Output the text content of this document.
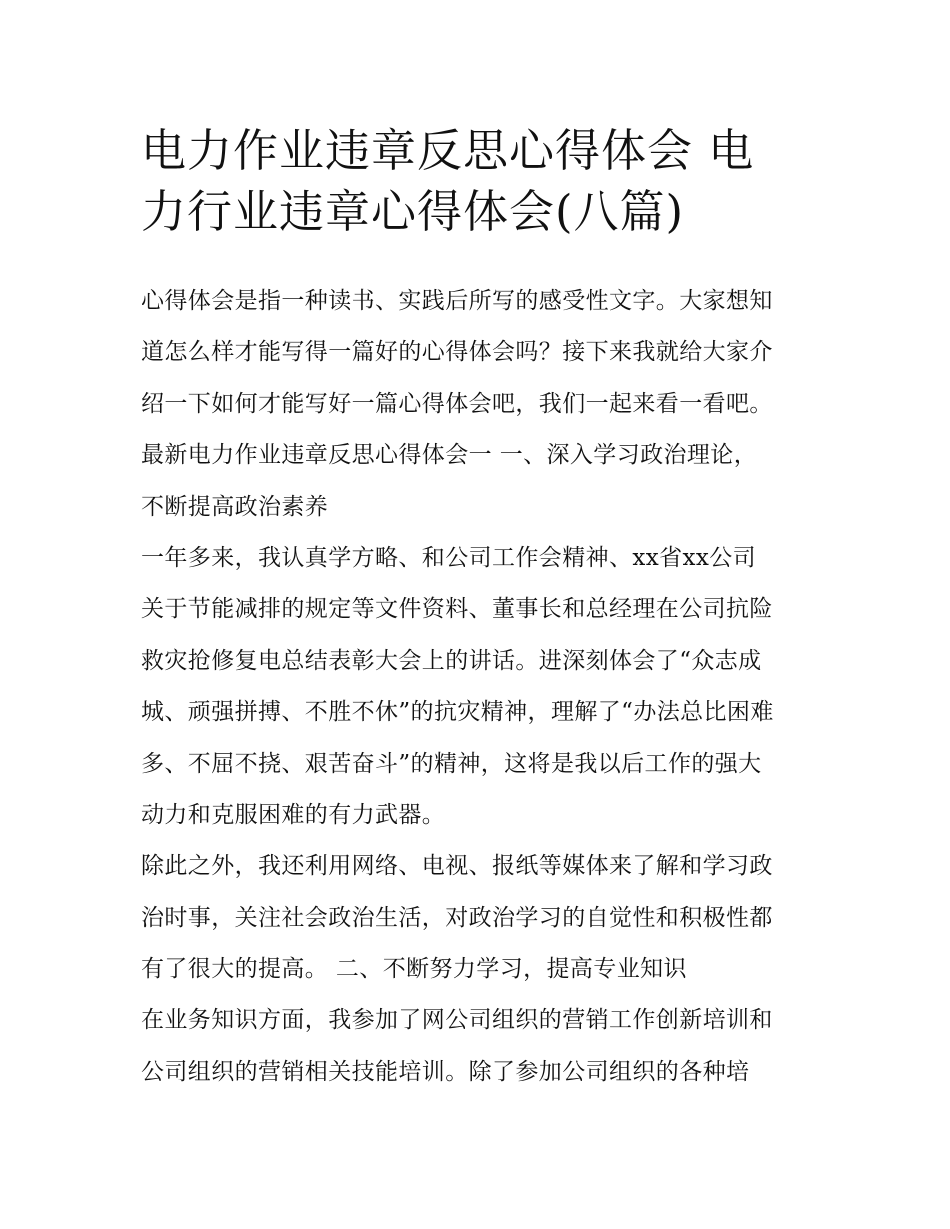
电力作业违章反思心得体会 电
力行业违章心得体会(八篇)
心得体会是指一种读书、实践后所写的感受性文字。大家想知
道怎么样才能写得一篇好的心得体会吗？接下来我就给大家介
绍一下如何才能写好一篇心得体会吧，我们一起来看一看吧。
最新电力作业违章反思心得体会一 一、深入学习政治理论，
不断提高政治素养
一年多来，我认真学方略、和公司工作会精神、xx省xx公司
关于节能减排的规定等文件资料、董事长和总经理在公司抗险
救灾抢修复电总结表彰大会上的讲话。进深刻体会了“众志成
城、顽强拼搏、不胜不休”的抗灾精神，理解了“办法总比困难
多、不屈不挠、艰苦奋斗”的精神，这将是我以后工作的强大
动力和克服困难的有力武器。
除此之外，我还利用网络、电视、报纸等媒体来了解和学习政
治时事，关注社会政治生活，对政治学习的自觉性和积极性都
有了很大的提高。 二、不断努力学习，提高专业知识
在业务知识方面，我参加了网公司组织的营销工作创新培训和
公司组织的营销相关技能培训。除了参加公司组织的各种培
